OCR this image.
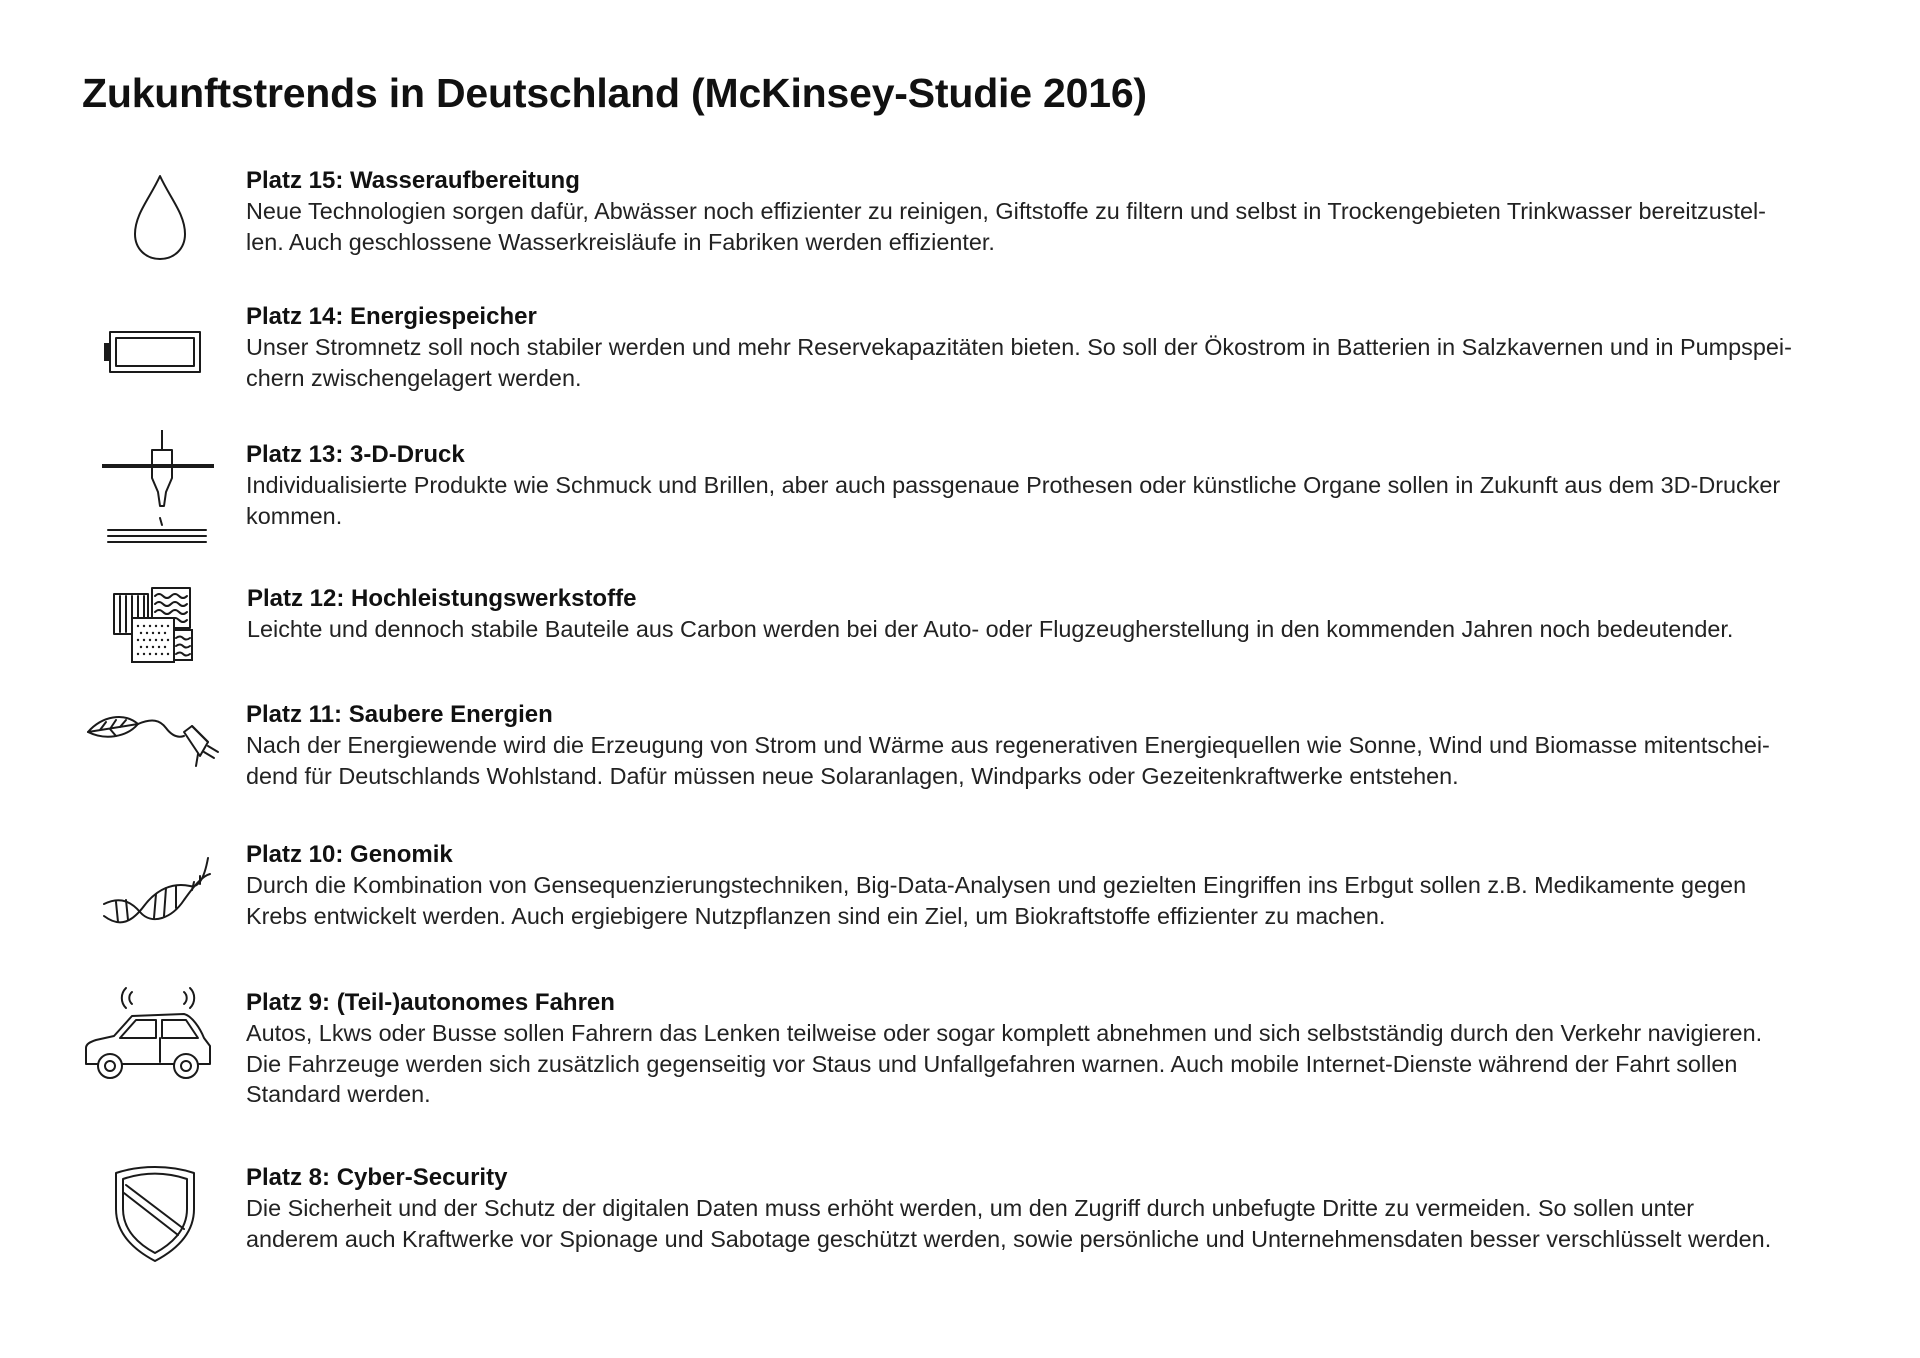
Zukunftstrends in Deutschland (McKinsey-Studie 2016)

Platz 15: Wasseraufbereitung

Neue Technologien sorgen dafür, Abwässer noch effizienter zu reinigen, Giftstoffe zu filtern und selbst in Trockengebieten Trinkwasser bereitzustel-
len. Auch geschlossene Wasserkreisläufe in Fabriken werden effizienter.

Platz 14: Energiespeicher

Unser Stromnetz soll noch stabiler werden und mehr Reservekapazitäten bieten. So soll der Ökostrom in Batterien in Salzkavernen und in Pumpspei-
chern zwischengelagert werden.

Platz 13: 3-D-Druck

Individualisierte Produkte wie Schmuck und Brillen, aber auch passgenaue Prothesen oder künstliche Organe sollen in Zukunft aus dem 3D-Drucker
kommen.

Platz 12: Hochleistungswerkstoffe

Leichte und dennoch stabile Bauteile aus Carbon werden bei der Auto- oder Flugzeugherstellung in den kommenden Jahren noch bedeutender.

Platz 11: Saubere Energien

Nach der Energiewende wird die Erzeugung von Strom und Wärme aus regenerativen Energiequellen wie Sonne, Wind und Biomasse mitentschei-
dend für Deutschlands Wohlstand. Dafür müssen neue Solaranlagen, Windparks oder Gezeitenkraftwerke entstehen.

Platz 10: Genomik

Durch die Kombination von Gensequenzierungstechniken, Big-Data-Analysen und gezielten Eingriffen ins Erbgut sollen z.B. Medikamente gegen
Krebs entwickelt werden. Auch ergiebigere Nutzpflanzen sind ein Ziel, um Biokraftstoffe effizienter zu machen.

Platz 9: (Teil-)autonomes Fahren

Autos, Lkws oder Busse sollen Fahrern das Lenken teilweise oder sogar komplett abnehmen und sich selbstständig durch den Verkehr navigieren.
Die Fahrzeuge werden sich zusätzlich gegenseitig vor Staus und Unfallgefahren warnen. Auch mobile Internet-Dienste während der Fahrt sollen
Standard werden.

Platz 8: Cyber-Security

Die Sicherheit und der Schutz der digitalen Daten muss erhöht werden, um den Zugriff durch unbefugte Dritte zu vermeiden. So sollen unter
anderem auch Kraftwerke vor Spionage und Sabotage geschützt werden, sowie persönliche und Unternehmensdaten besser verschlüsselt werden.
